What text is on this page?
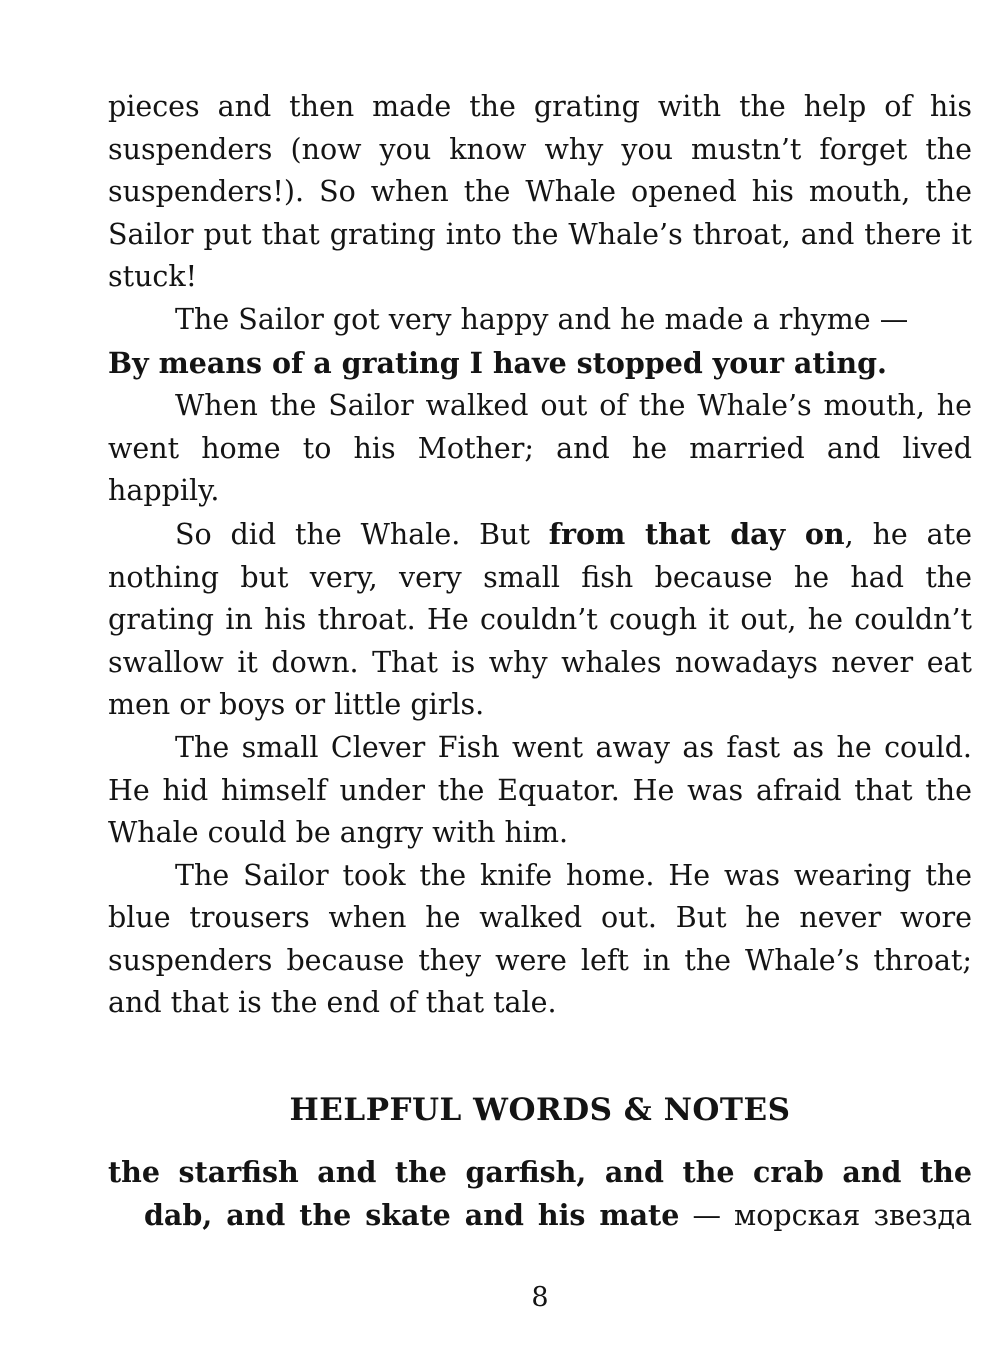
pieces and then made the grating with the help of his suspenders (now you know why you mustn’t forget the suspenders!). So when the Whale opened his mouth, the Sailor put that grating into the Whale’s throat, and there it stuck!

The Sailor got very happy and he made a rhyme —

By means of a grating I have stopped your ating.

When the Sailor walked out of the Whale’s mouth, he went home to his Mother; and he married and lived happily.

So did the Whale. But from that day on, he ate nothing but very, very small fish because he had the grating in his throat. He couldn’t cough it out, he couldn’t swallow it down. That is why whales nowadays never eat men or boys or little girls.

The small Clever Fish went away as fast as he could. He hid himself under the Equator. He was afraid that the Whale could be angry with him.

The Sailor took the knife home. He was wearing the blue trousers when he walked out. But he never wore suspenders because they were left in the Whale’s throat; and that is the end of that tale.

HELPFUL WORDS & NOTES

the starfish and the garfish, and the crab and the
dab, and the skate and his mate — морская звезда

8
